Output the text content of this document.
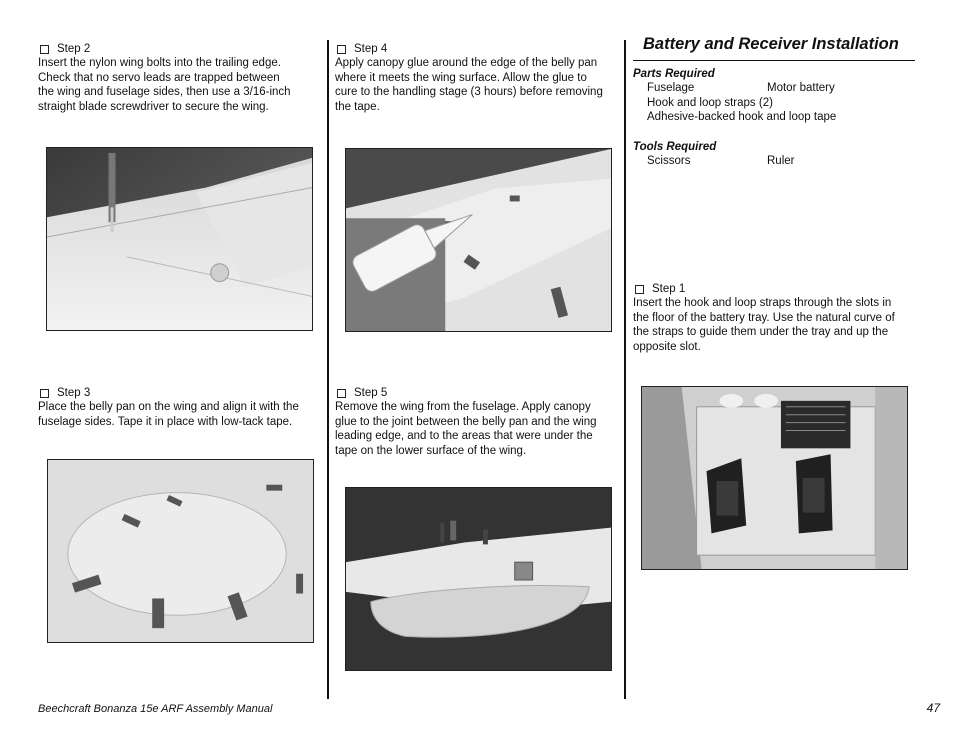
Step 2
Insert the nylon wing bolts into the trailing edge.
Check that no servo leads are trapped between
the wing and fuselage sides, then use a 3/16-inch
straight blade screwdriver to secure the wing.
Step 3
Place the belly pan on the wing and align it with the
fuselage sides. Tape it in place with low-tack tape.
Step 4
Apply canopy glue around the edge of the belly pan
where it meets the wing surface. Allow the glue to
cure to the handling stage (3 hours) before removing
the tape.
Step 5
Remove the wing from the fuselage. Apply canopy
glue to the joint between the belly pan and the wing
leading edge, and to the areas that were under the
tape on the lower surface of the wing.
Battery and Receiver Installation
Parts Required
Fuselage	Motor battery
Hook and loop straps (2)
Adhesive-backed hook and loop tape
Tools Required
Scissors	Ruler
Step 1
Insert the hook and loop straps through the slots in
the floor of the battery tray. Use the natural curve of
the straps to guide them under the tray and up the
opposite slot.
Beechcraft Bonanza 15e ARF Assembly Manual	47
